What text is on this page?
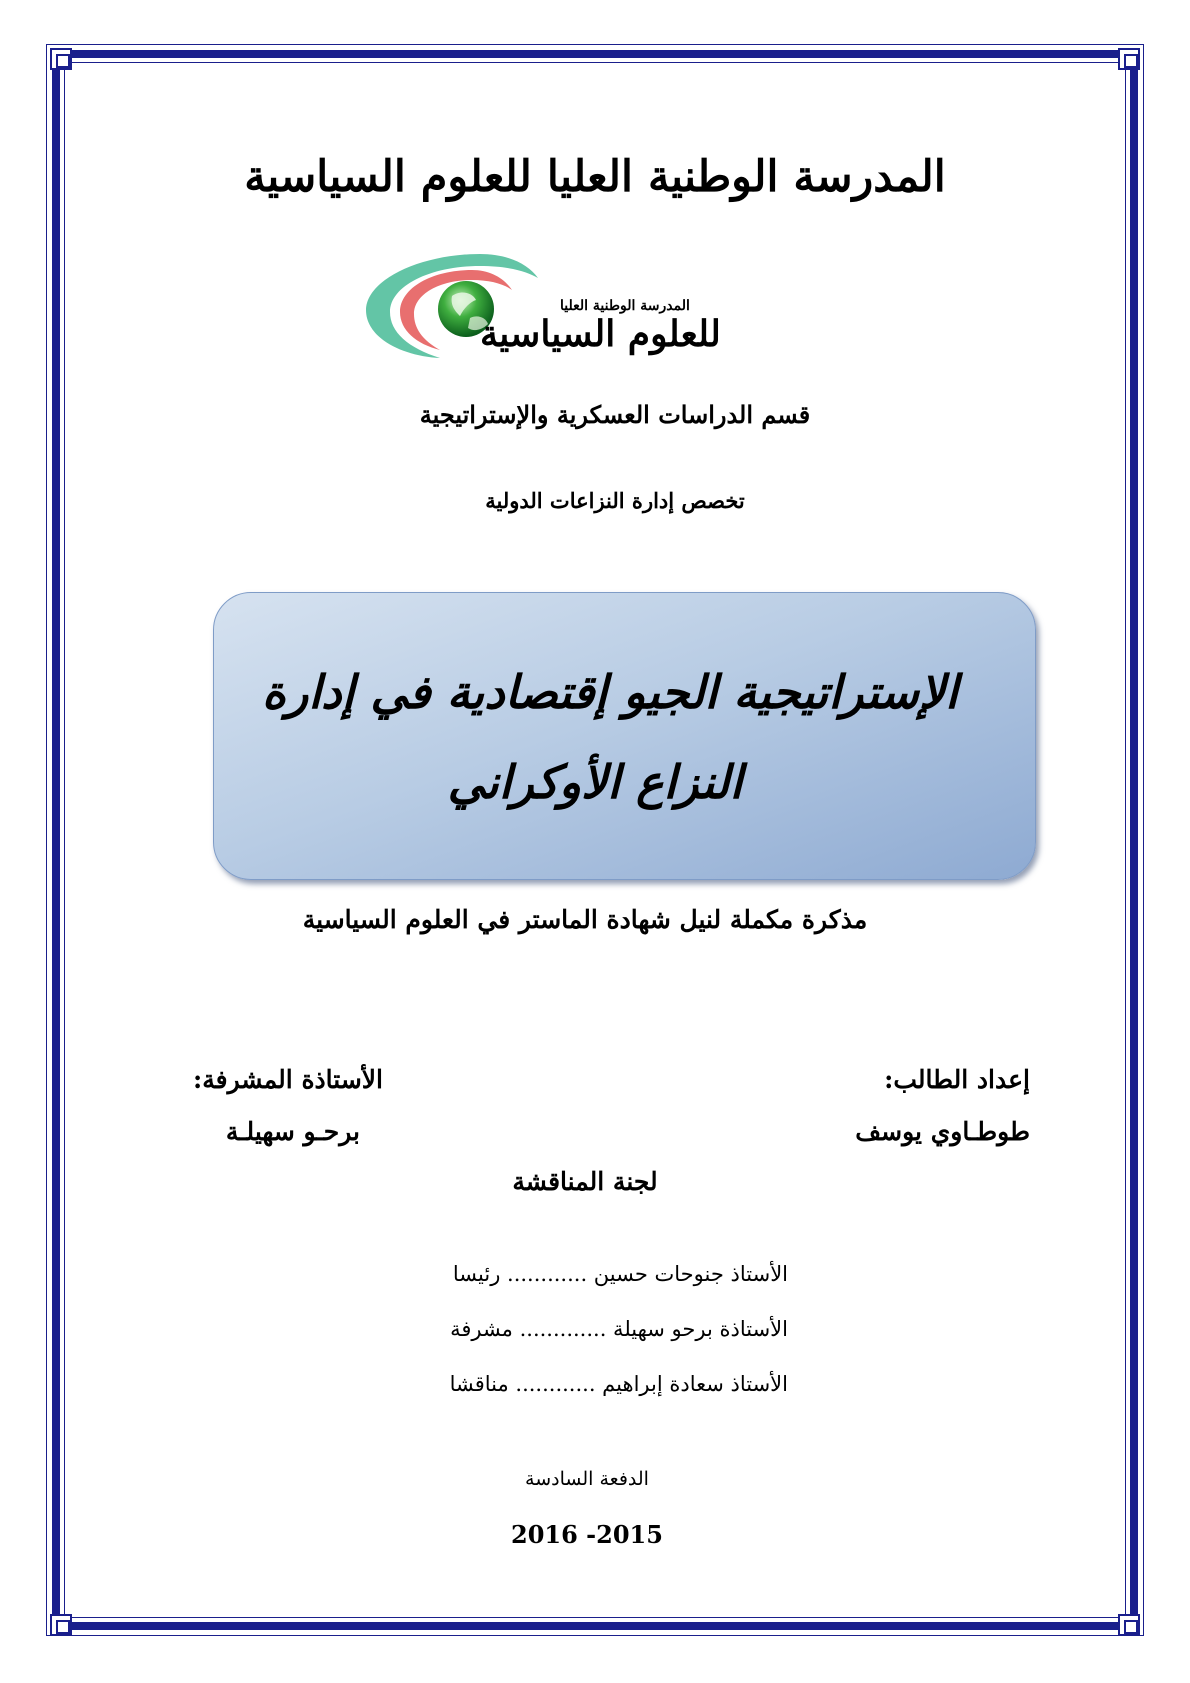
المدرسة الوطنية العليا للعلوم السياسية
المدرسة الوطنية العليا
للعلوم السياسية
قسم الدراسات العسكرية والإستراتيجية
تخصص إدارة النزاعات الدولية
الإستراتيجية الجيو إقتصادية في إدارة
النزاع الأوكراني
مذكرة مكملة لنيل شهادة الماستر في العلوم السياسية
إعداد الطالب:
طوطـاوي يوسف
الأستاذة المشرفة:
برحـو سهيلـة
لجنة المناقشة
الأستاذ جنوحات حسين ............ رئيسا
الأستاذة برحو سهيلة ............. مشرفة
الأستاذ سعادة إبراهيم ............ مناقشا
الدفعة السادسة
2016 -2015
